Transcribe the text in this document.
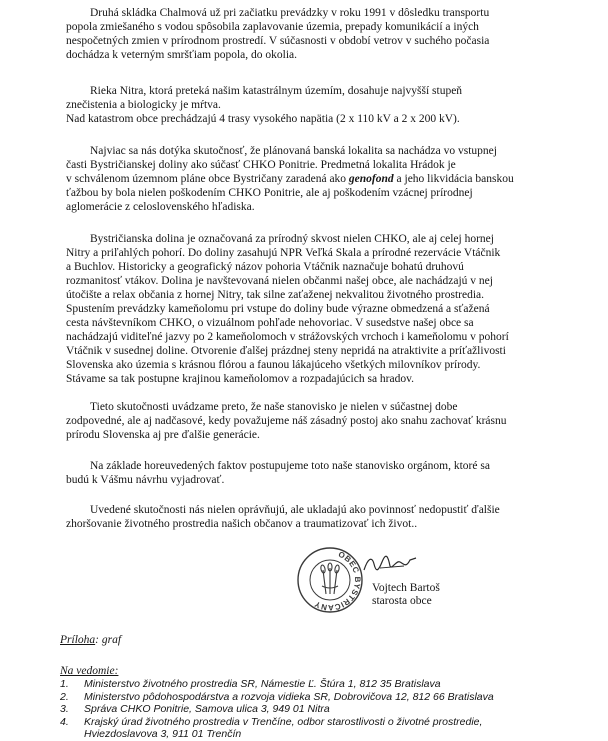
Druhá skládka Chalmová už pri začiatku prevádzky v roku 1991 v dôsledku transportu
popola zmiešaného s vodou spôsobila zaplavovanie územia, prepady komunikácií a iných
nespočetných zmien v prírodnom prostredí. V súčasnosti v období vetrov v suchého počasia
dochádza k veterným smršťiam popola, do okolia.
Rieka Nitra, ktorá preteká našim katastrálnym územím, dosahuje najvyšší stupeň
znečistenia a biologicky je mŕtva.
Nad katastrom obce prechádzajú 4 trasy vysokého napätia (2 x 110 kV a 2 x 200 kV).
Najviac sa nás dotýka skutočnosť, že plánovaná banská lokalita sa nachádza vo vstupnej
časti Bystričianskej doliny ako súčasť CHKO Ponitrie. Predmetná lokalita Hrádok je
v schválenom územnom pláne obce Bystričany zaradená ako genofond a jeho likvidácia banskou
ťažbou by bola nielen poškodením CHKO Ponitrie, ale aj poškodením vzácnej prírodnej
aglomerácie z celoslovenského hľadiska.
Bystričianska dolina je označovaná za prírodný skvost nielen CHKO, ale aj celej hornej
Nitry a priľahlých pohorí. Do doliny zasahujú NPR Veľká Skala a prírodné rezervácie Vtáčnik
a Buchlov. Historicky a geografický názov pohoria Vtáčnik naznačuje bohatú druhovú
rozmanitosť vtákov. Dolina je navštevovaná nielen občanmi našej obce, ale nachádzajú v nej
útočište a relax občania z hornej Nitry, tak silne zaťaženej nekvalitou životného prostredia.
Spustením prevádzky kameňolomu pri vstupe do doliny bude výrazne obmedzená a sťažená
cesta návštevníkom CHKO, o vizuálnom pohľade nehovoriac. V susedstve našej obce sa
nachádzajú viditeľné jazvy po 2 kameňolomoch v strážovských vrchoch i kameňolomu v pohorí
Vtáčnik v susednej doline. Otvorenie ďalšej prázdnej steny nepridá na atraktivite a príťažlivosti
Slovenska ako územia s krásnou flórou a faunou lákajúceho všetkých milovníkov prírody.
Stávame sa tak postupne krajinou kameňolomov a rozpadajúcich sa hradov.
Tieto skutočnosti uvádzame preto, že naše stanovisko je nielen v súčastnej dobe
zodpovedné, ale aj nadčasové, kedy považujeme náš zásadný postoj ako snahu zachovať krásnu
prírodu Slovenska aj pre ďalšie generácie.
Na základe horeuvedených faktov postupujeme toto naše stanovisko orgánom, ktoré sa
budú k Vášmu návrhu vyjadrovať.
Uvedené skutočnosti nás nielen oprávňujú, ale ukladajú ako povinnosť nedopustiť ďalšie
zhoršovanie životného prostredia našich občanov a traumatizovať ich život..
OBEC BYSTRIČANY
Vojtech Bartoš
starosta obce
Príloha: graf
Na vedomie:
1.	Ministerstvo životného prostredia SR, Námestie Ľ. Štúra 1, 812 35 Bratislava
2.	Ministerstvo pôdohospodárstva a rozvoja vidieka SR, Dobrovičova 12, 812 66 Bratislava
3.	Správa CHKO Ponitrie, Samova ulica 3, 949 01 Nitra
4.	Krajský úrad životného prostredia v Trenčíne, odbor starostlivosti o životné prostredie,
Hviezdoslavova 3, 911 01 Trenčín
